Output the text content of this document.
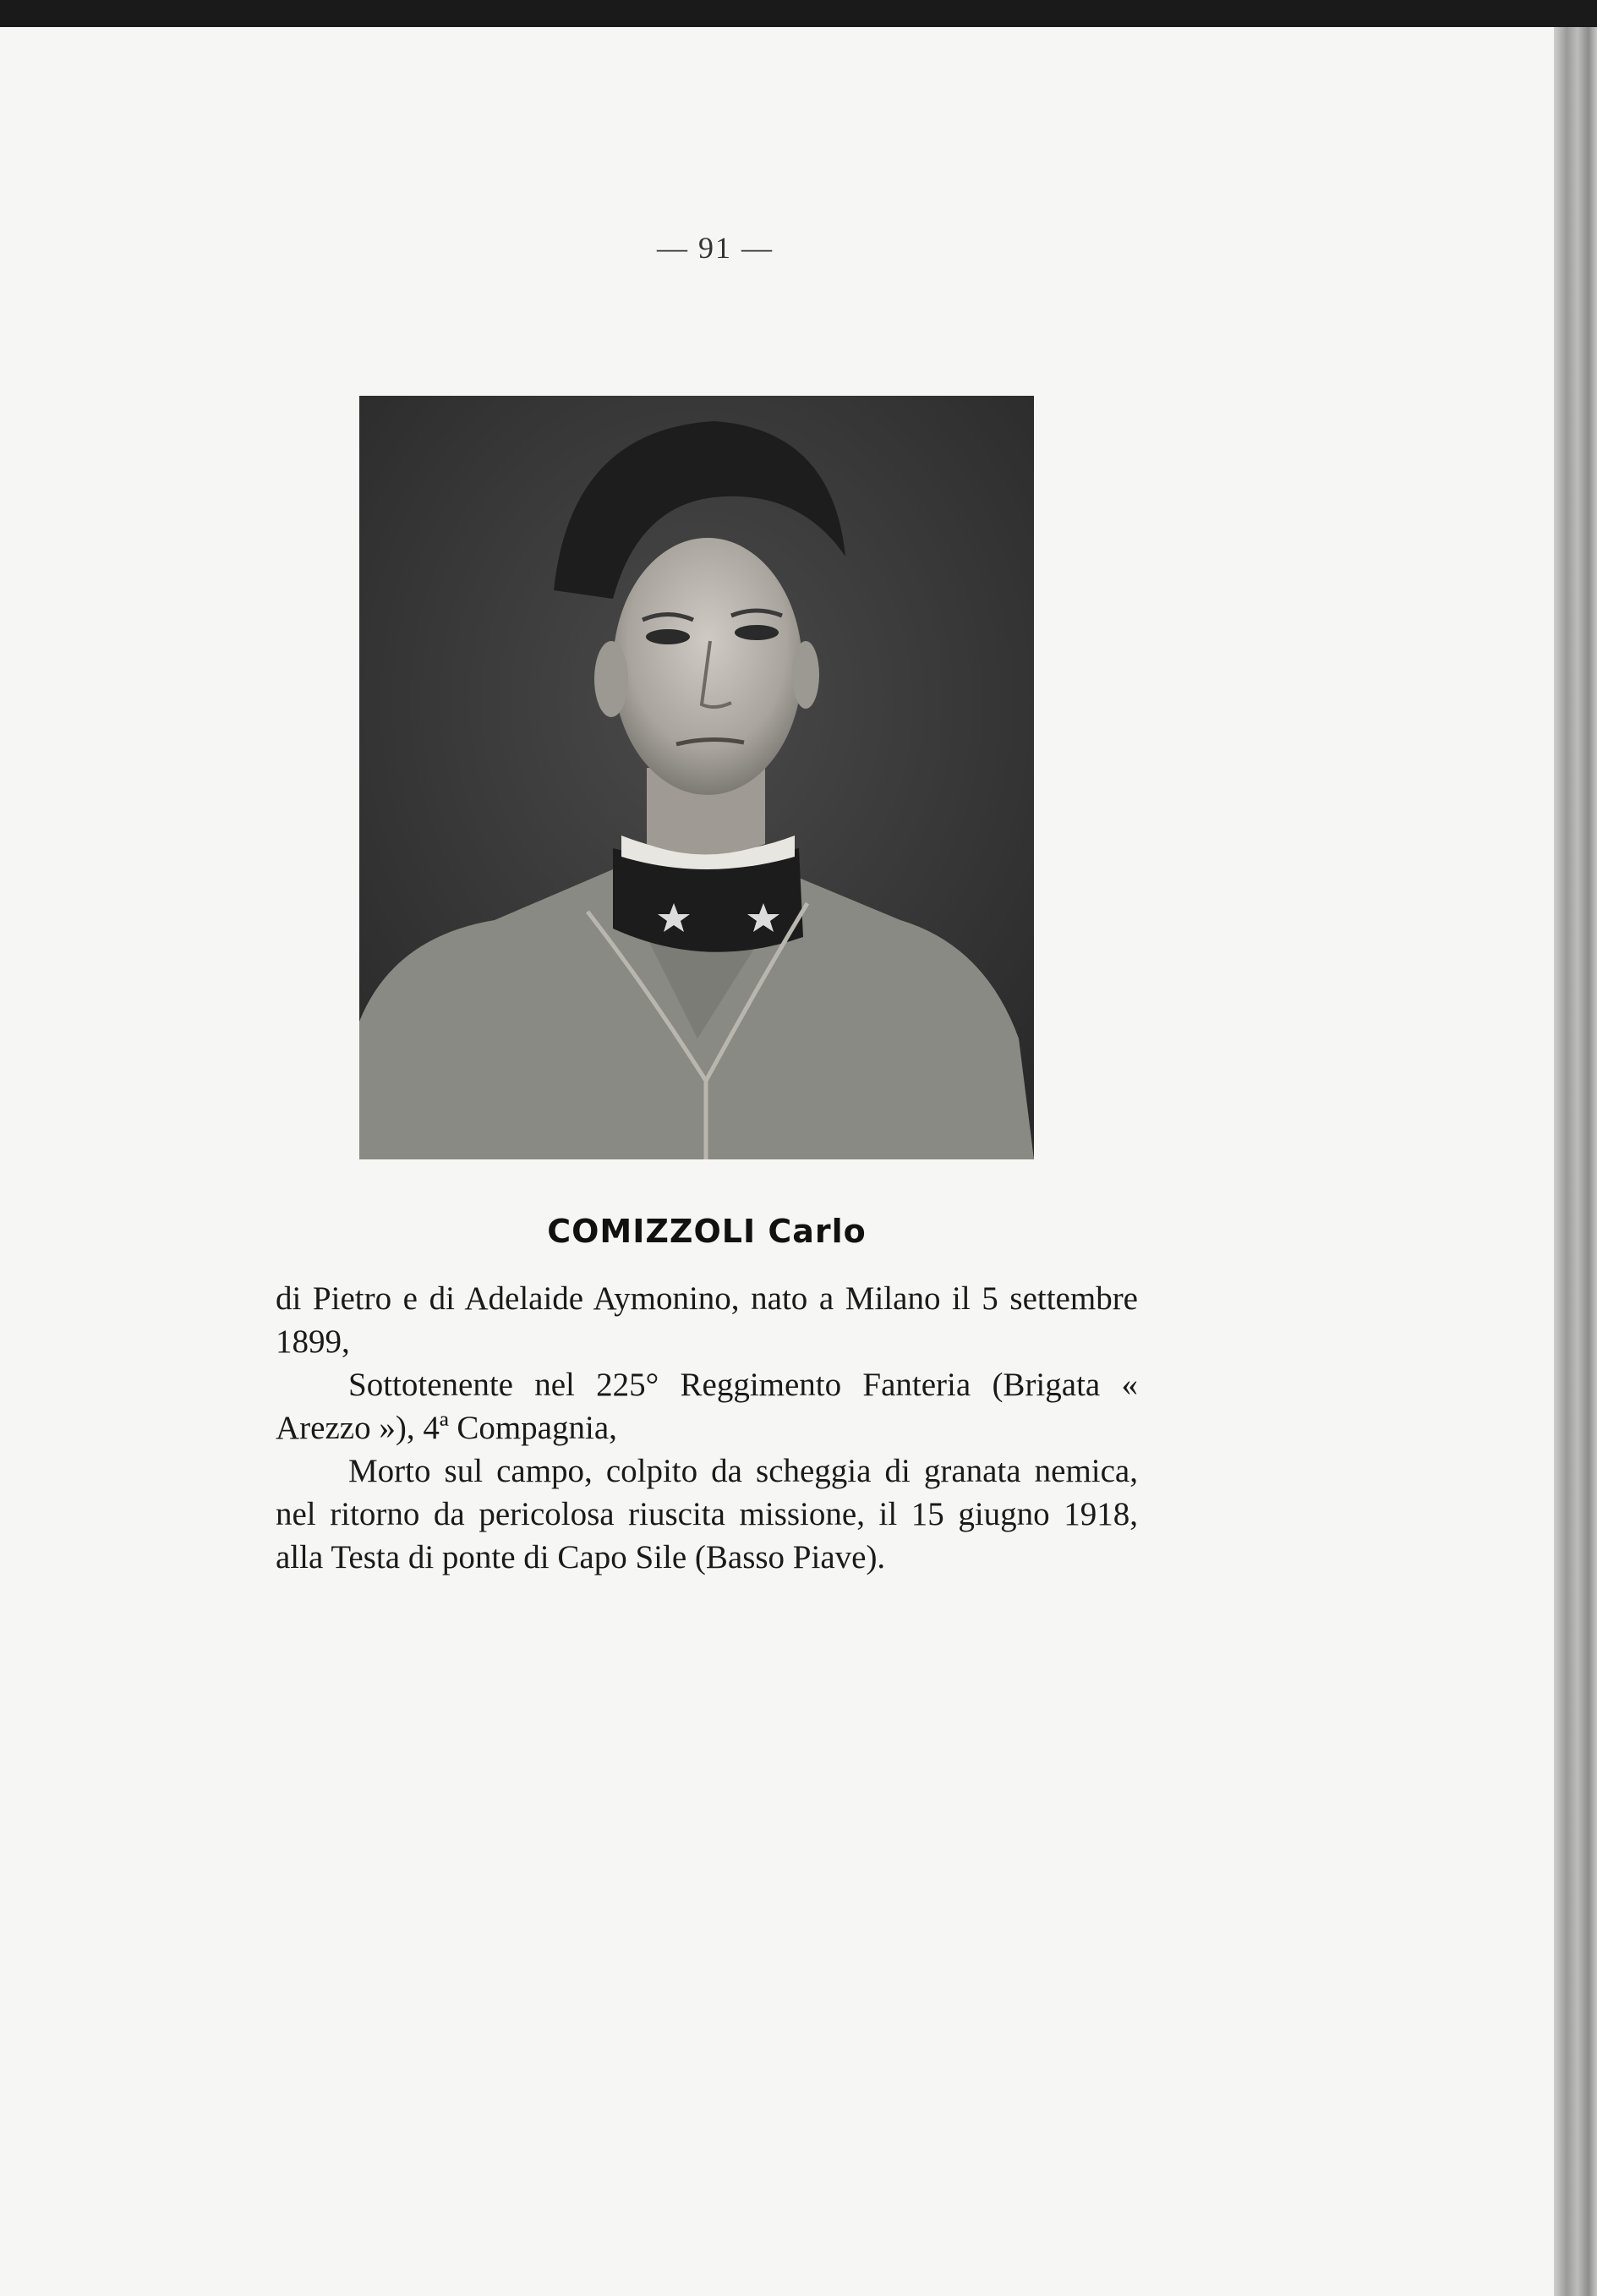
— 91 —
COMIZZOLI Carlo

di Pietro e di Adelaide Aymonino, nato a Milano il 5 settembre 1899,

Sottotenente nel 225° Reggimento Fanteria (Brigata « Arezzo »), 4ª Compagnia,

Morto sul campo, colpito da scheggia di granata nemica, nel ritorno da pericolosa riuscita missione, il 15 giugno 1918, alla Testa di ponte di Capo Sile (Basso Piave).
